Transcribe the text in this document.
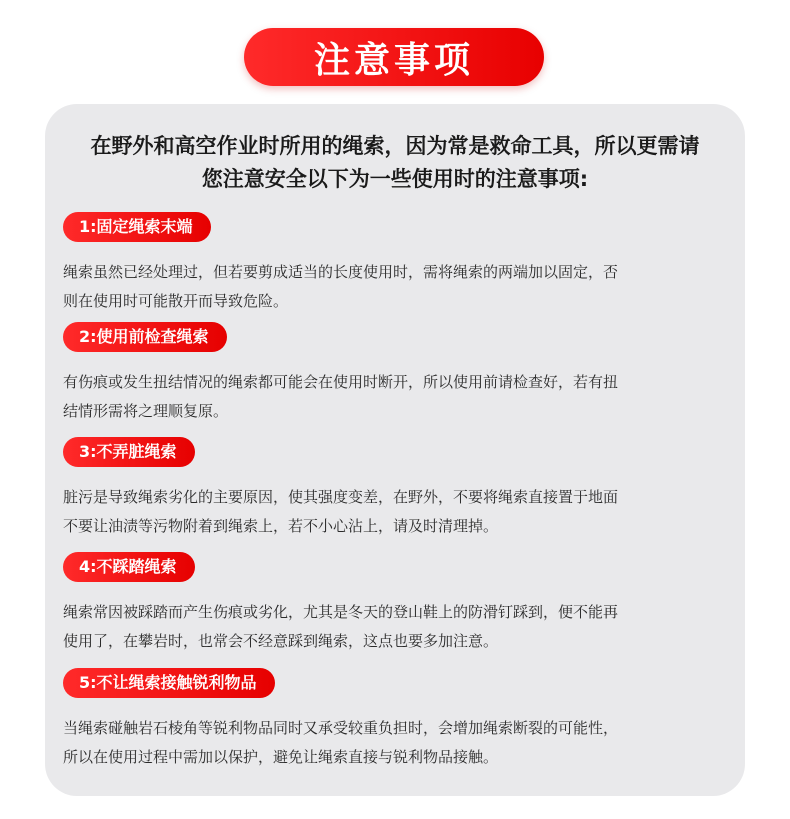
注意事项
在野外和高空作业时所用的绳索，因为常是救命工具，所以更需请
您注意安全以下为一些使用时的注意事项:
1:固定绳索末端
绳索虽然已经处理过，但若要剪成适当的长度使用时，需将绳索的两端加以固定，否
则在使用时可能散开而导致危险。
2:使用前检查绳索
有伤痕或发生扭结情况的绳索都可能会在使用时断开，所以使用前请检查好，若有扭
结情形需将之理顺复原。
3:不弄脏绳索
脏污是导致绳索劣化的主要原因，使其强度变差，在野外，不要将绳索直接置于地面
不要让油渍等污物附着到绳索上，若不小心沾上，请及时清理掉。
4:不踩踏绳索
绳索常因被踩踏而产生伤痕或劣化，尤其是冬天的登山鞋上的防滑钉踩到，便不能再
使用了，在攀岩时，也常会不经意踩到绳索，这点也要多加注意。
5:不让绳索接触锐利物品
当绳索碰触岩石棱角等锐利物品同时又承受较重负担时，会增加绳索断裂的可能性，
所以在使用过程中需加以保护，避免让绳索直接与锐利物品接触。
